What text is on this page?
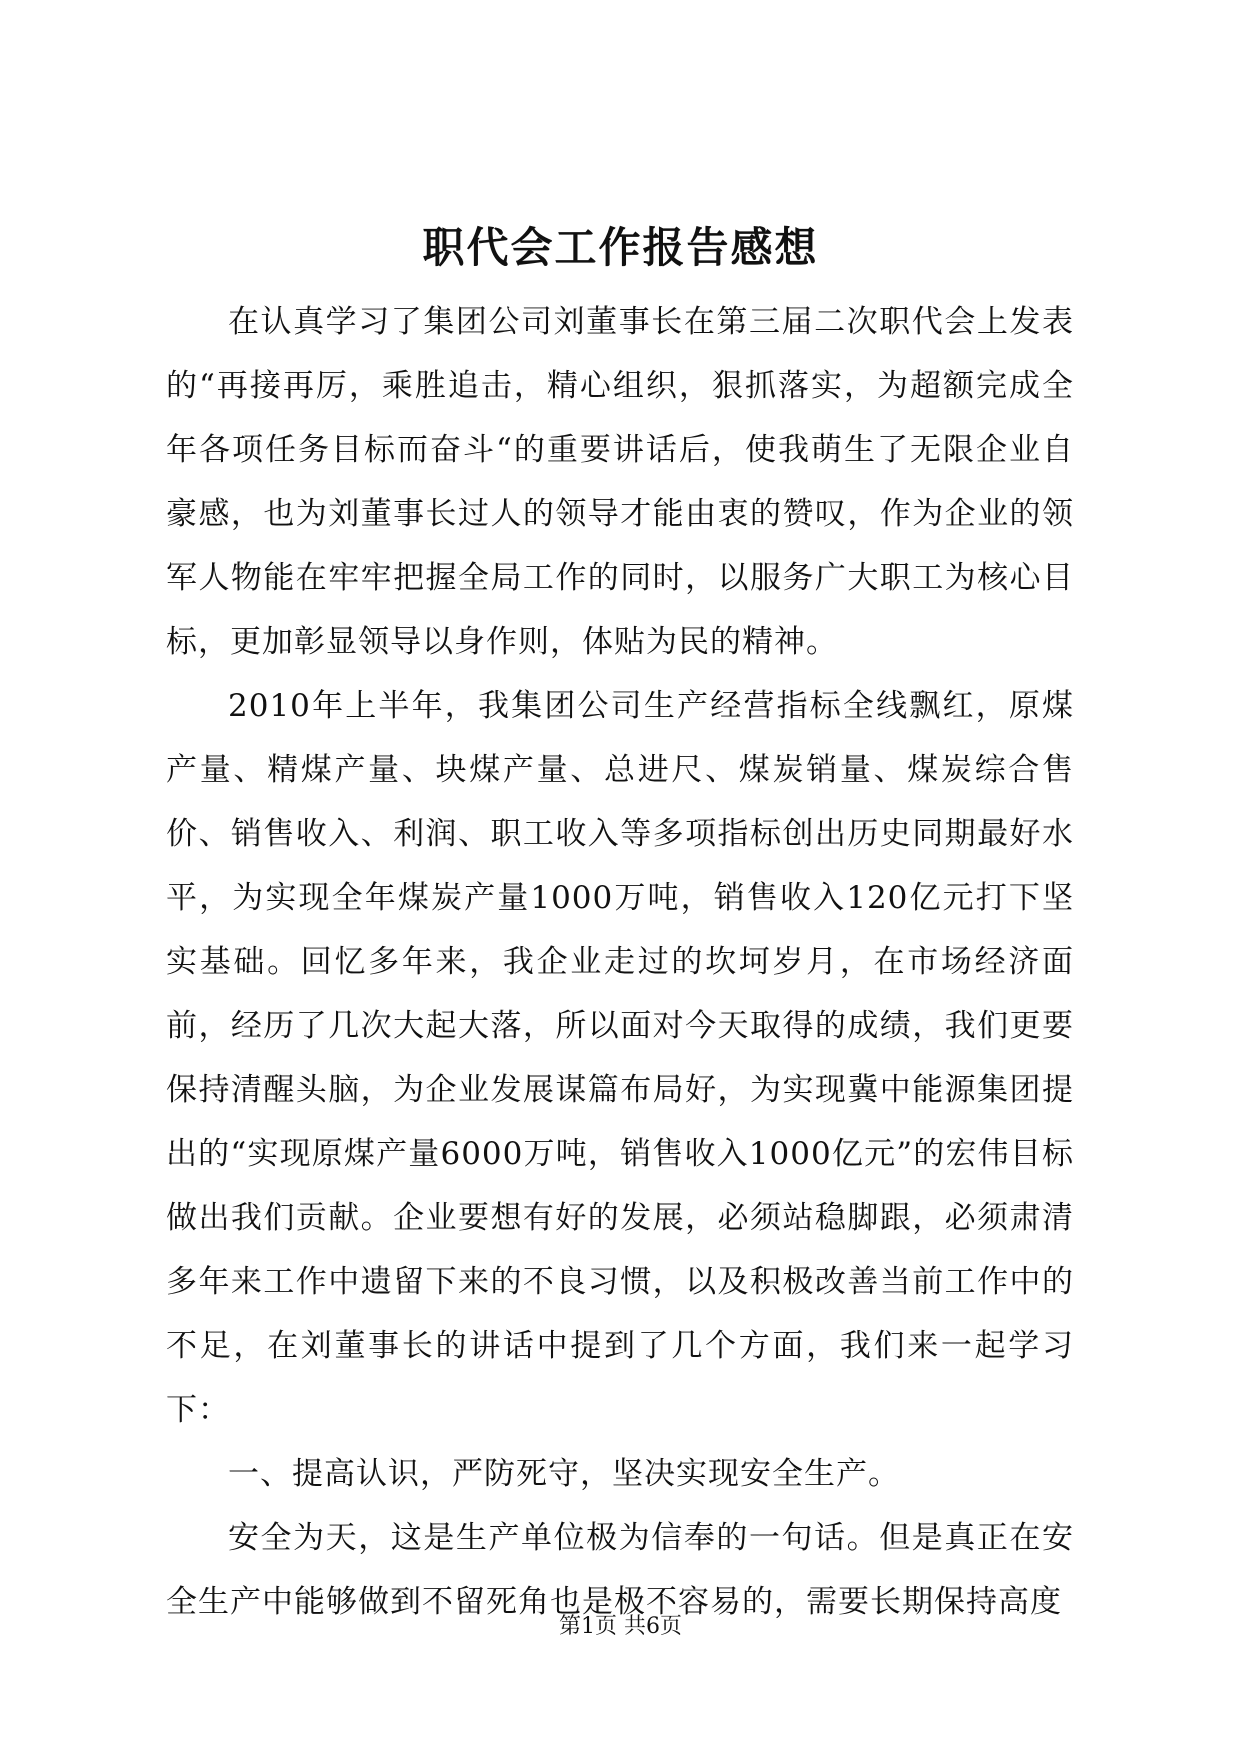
职代会工作报告感想

在认真学习了集团公司刘董事长在第三届二次职代会上发表的“再接再厉，乘胜追击，精心组织，狠抓落实，为超额完成全年各项任务目标而奋斗“的重要讲话后，使我萌生了无限企业自豪感，也为刘董事长过人的领导才能由衷的赞叹，作为企业的领军人物能在牢牢把握全局工作的同时，以服务广大职工为核心目标，更加彰显领导以身作则，体贴为民的精神。

2010年上半年，我集团公司生产经营指标全线飘红，原煤产量、精煤产量、块煤产量、总进尺、煤炭销量、煤炭综合售价、销售收入、利润、职工收入等多项指标创出历史同期最好水平，为实现全年煤炭产量1000万吨，销售收入120亿元打下坚实基础。回忆多年来，我企业走过的坎坷岁月，在市场经济面前，经历了几次大起大落，所以面对今天取得的成绩，我们更要保持清醒头脑，为企业发展谋篇布局好，为实现冀中能源集团提出的“实现原煤产量6000万吨，销售收入1000亿元”的宏伟目标做出我们贡献。企业要想有好的发展，必须站稳脚跟，必须肃清多年来工作中遗留下来的不良习惯，以及积极改善当前工作中的不足，在刘董事长的讲话中提到了几个方面，我们来一起学习下：

一、提高认识，严防死守，坚决实现安全生产。

安全为天，这是生产单位极为信奉的一句话。但是真正在安全生产中能够做到不留死角也是极不容易的，需要长期保持高度

第1页 共6页
